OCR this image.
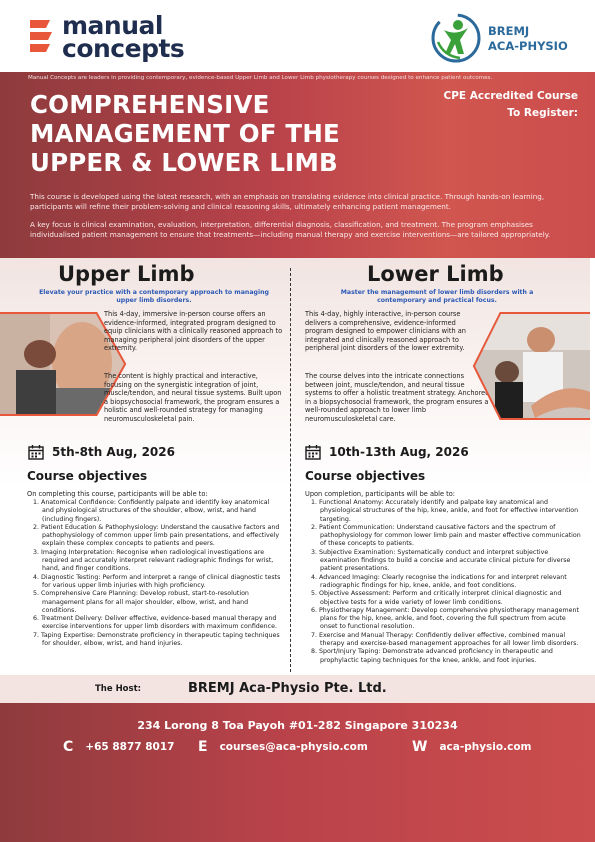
manual
concepts
BREMJ
ACA-PHYSIO
Manual Concepts are leaders in providing contemporary, evidence-based Upper Limb and Lower Limb physiotherapy courses designed to enhance patient outcomes.
COMPREHENSIVE
MANAGEMENT OF THE
UPPER & LOWER LIMB
CPE Accredited Course
To Register:

This course is developed using the latest research, with an emphasis on translating evidence into clinical practice. Through hands-on learning, participants will refine their problem-solving and clinical reasoning skills, ultimately enhancing patient management.

A key focus is clinical examination, evaluation, interpretation, differential diagnosis, classification, and treatment. The program emphasises individualised patient management to ensure that treatments—including manual therapy and exercise interventions—are tailored appropriately.

Upper Limb
Elevate your practice with a contemporary approach to managing upper limb disorders.

This 4-day, immersive in-person course offers an evidence-informed, integrated program designed to equip clinicians with a clinically reasoned approach to managing peripheral joint disorders of the upper extremity.

The content is highly practical and interactive, focusing on the synergistic integration of joint, muscle/tendon, and neural tissue systems. Built upon a biopsychosocial framework, the program ensures a holistic and well-rounded strategy for managing neuromusculoskeletal pain.

5th-8th Aug, 2026
Course objectives
On completing this course, participants will be able to:
1. Anatomical Confidence: Confidently palpate and identify key anatomical and physiological structures of the shoulder, elbow, wrist, and hand (including fingers).
2. Patient Education & Pathophysiology: Understand the causative factors and pathophysiology of common upper limb pain presentations, and effectively explain these complex concepts to patients and peers.
3. Imaging Interpretation: Recognise when radiological investigations are required and accurately interpret relevant radiographic findings for wrist, hand, and finger conditions.
4. Diagnostic Testing: Perform and interpret a range of clinical diagnostic tests for various upper limb injuries with high proficiency.
5. Comprehensive Care Planning: Develop robust, start-to-resolution management plans for all major shoulder, elbow, wrist, and hand conditions.
6. Treatment Delivery: Deliver effective, evidence-based manual therapy and exercise interventions for upper limb disorders with maximum confidence.
7. Taping Expertise: Demonstrate proficiency in therapeutic taping techniques for shoulder, elbow, wrist, and hand injuries.
Lower Limb
Master the management of lower limb disorders with a contemporary and practical focus.

This 4-day, highly interactive, in-person course delivers a comprehensive, evidence-informed program designed to empower clinicians with an integrated and clinically reasoned approach to peripheral joint disorders of the lower extremity.

The course delves into the intricate connections between joint, muscle/tendon, and neural tissue systems to offer a holistic treatment strategy. Anchored in a biopsychosocial framework, the program ensures a well-rounded approach to lower limb neuromusculoskeletal care.

10th-13th Aug, 2026
Course objectives
Upon completion, participants will be able to:
1. Functional Anatomy: Accurately identify and palpate key anatomical and physiological structures of the hip, knee, ankle, and foot for effective intervention targeting.
2. Patient Communication: Understand causative factors and the spectrum of pathophysiology for common lower limb pain and master effective communication of these concepts to patients.
3. Subjective Examination: Systematically conduct and interpret subjective examination findings to build a concise and accurate clinical picture for diverse patient presentations.
4. Advanced Imaging: Clearly recognise the indications for and interpret relevant radiographic findings for hip, knee, ankle, and foot conditions.
5. Objective Assessment: Perform and critically interpret clinical diagnostic and objective tests for a wide variety of lower limb conditions.
6. Physiotherapy Management: Develop comprehensive physiotherapy management plans for the hip, knee, ankle, and foot, covering the full spectrum from acute onset to functional resolution.
7. Exercise and Manual Therapy: Confidently deliver effective, combined manual therapy and exercise-based management approaches for all lower limb disorders.
8. Sport/Injury Taping: Demonstrate advanced proficiency in therapeutic and prophylactic taping techniques for the knee, ankle, and foot injuries.
The Host:	BREMJ Aca-Physio Pte. Ltd.
234 Lorong 8 Toa Payoh #01-282 Singapore 310234
C +65 8877 8017 E courses@aca-physio.com	W aca-physio.com
